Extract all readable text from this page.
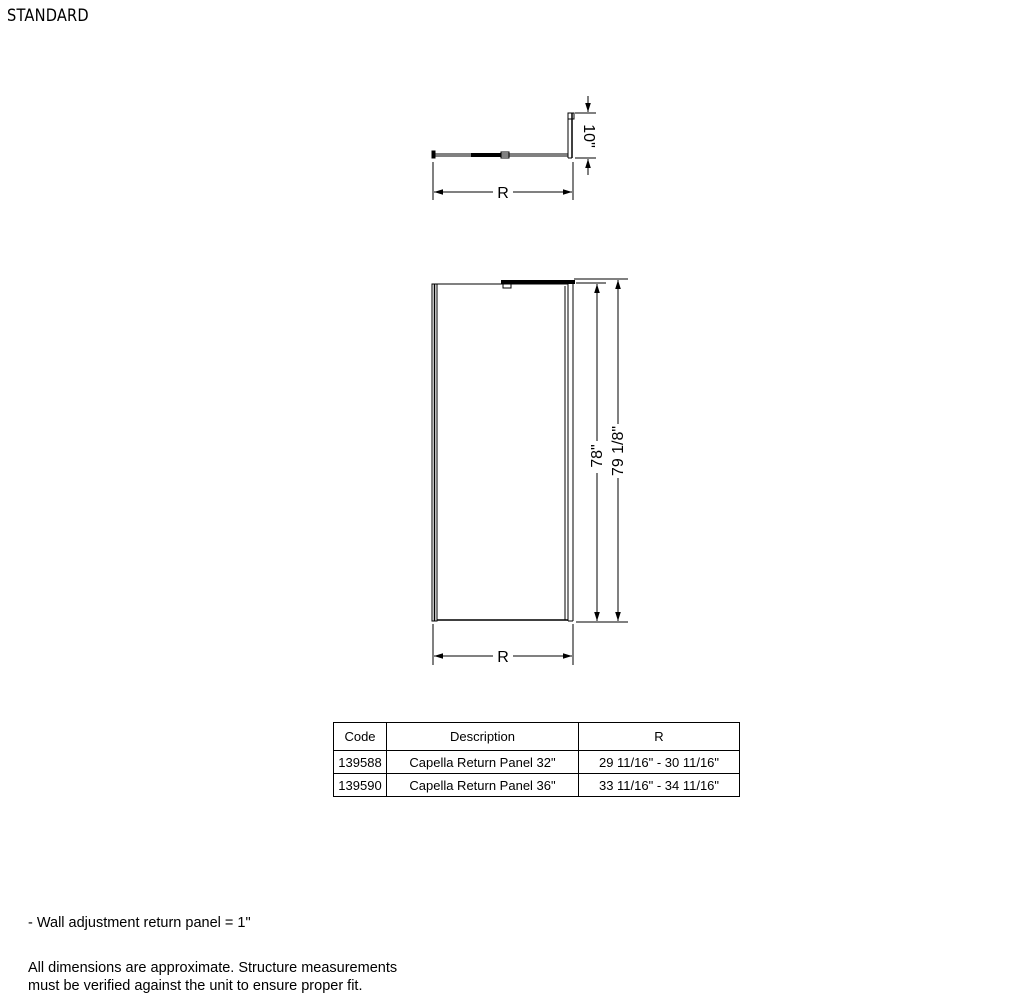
STANDARD
R
10"
78" 79 1/8"
R
Code	Description	R
139588	Capella Return Panel 32"	29 11/16" - 30 11/16"
139590	Capella Return Panel 36"	33 11/16" - 34 11/16"
- Wall adjustment return panel = 1"
All dimensions are approximate. Structure measurements
must be verified against the unit to ensure proper fit.
